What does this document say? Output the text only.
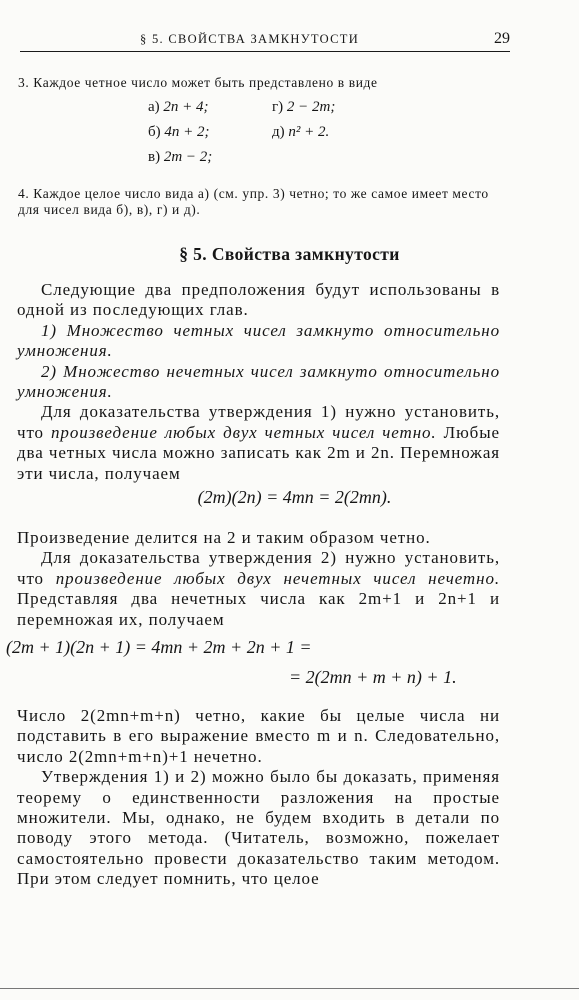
§ 5. СВОЙСТВА ЗАМКНУТОСТИ	29
3. Каждое четное число может быть представлено в виде
а) 2n + 4;	г) 2 − 2m;
б) 4n + 2;	д) n² + 2.
в) 2m − 2;
4. Каждое целое число вида а) (см. упр. 3) четно; то же самое имеет место для чисел вида б), в), г) и д).
§ 5. Свойства замкнутости

Следующие два предположения будут использованы в одной из последующих глав.

1) Множество четных чисел замкнуто относительно умножения.

2) Множество нечетных чисел замкнуто относительно умножения.

Для доказательства утверждения 1) нужно установить, что произведение любых двух четных чисел четно. Любые два четных числа можно записать как 2m и 2n. Перемножая эти числа, получаем

(2m)(2n) = 4mn = 2(2mn).

Произведение делится на 2 и таким образом четно.

Для доказательства утверждения 2) нужно установить, что произведение любых двух нечетных чисел нечетно. Представляя два нечетных числа как 2m+1 и 2n+1 и перемножая их, получаем

(2m + 1)(2n + 1) = 4mn + 2m + 2n + 1 =
= 2(2mn + m + n) + 1.

Число 2(2mn+m+n) четно, какие бы целые числа ни подставить в его выражение вместо m и n. Следовательно, число 2(2mn+m+n)+1 нечетно.

Утверждения 1) и 2) можно было бы доказать, применяя теорему о единственности разложения на простые множители. Мы, однако, не будем входить в детали по поводу этого метода. (Читатель, возможно, пожелает самостоятельно провести доказательство таким методом. При этом следует помнить, что целое
